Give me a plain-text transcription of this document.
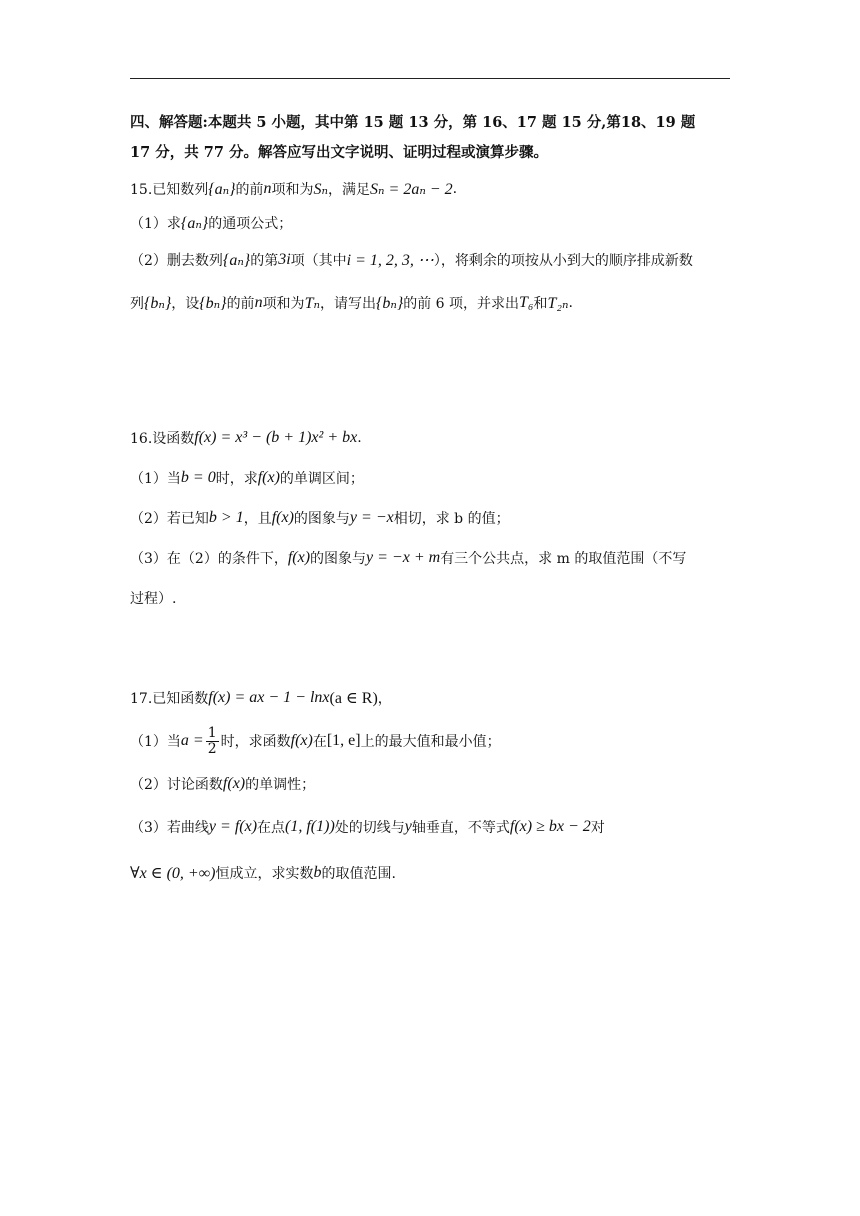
四、解答题:本题共 5 小题，其中第 15 题 13 分，第 16、17 题 15 分,第18、19 题
17 分，共 77 分。解答应写出文字说明、证明过程或演算步骤。
15.已知数列 {aₙ} 的前 n 项和为 Sₙ ，满足 Sₙ = 2aₙ − 2 .
（1）求 {aₙ} 的通项公式；
（2）删去数列 {aₙ} 的第 3i 项（其中 i = 1, 2, 3, ⋯ ），将剩余的项按从小到大的顺序排成新数
列 {bₙ} ，设 {bₙ} 的前 n 项和为 Tₙ ，请写出 {bₙ} 的前 6 项，并求出 T₆ 和 T₂ₙ .
16.设函数 f(x) = x³ − (b + 1)x² + bx .
（1）当 b = 0 时，求 f(x) 的单调区间；
（2）若已知 b > 1 ，且 f(x) 的图象与 y = −x 相切，求 b 的值；
（3）在（2）的条件下， f(x) 的图象与 y = −x + m 有三个公共点，求 m 的取值范围（不写
过程）.
17.已知函数 f(x) = ax − 1 − lnx (a ∈ R) ，
（1）当 $a = \frac{1}{2}$ 时，求函数 f(x) 在 [1, e] 上的最大值和最小值；
（2）讨论函数 f(x) 的单调性；
（3）若曲线 y = f(x) 在点 (1, f(1)) 处的切线与 y 轴垂直，不等式 f(x) ≥ bx − 2 对
∀x ∈ (0, +∞) 恒成立，求实数 b 的取值范围.
